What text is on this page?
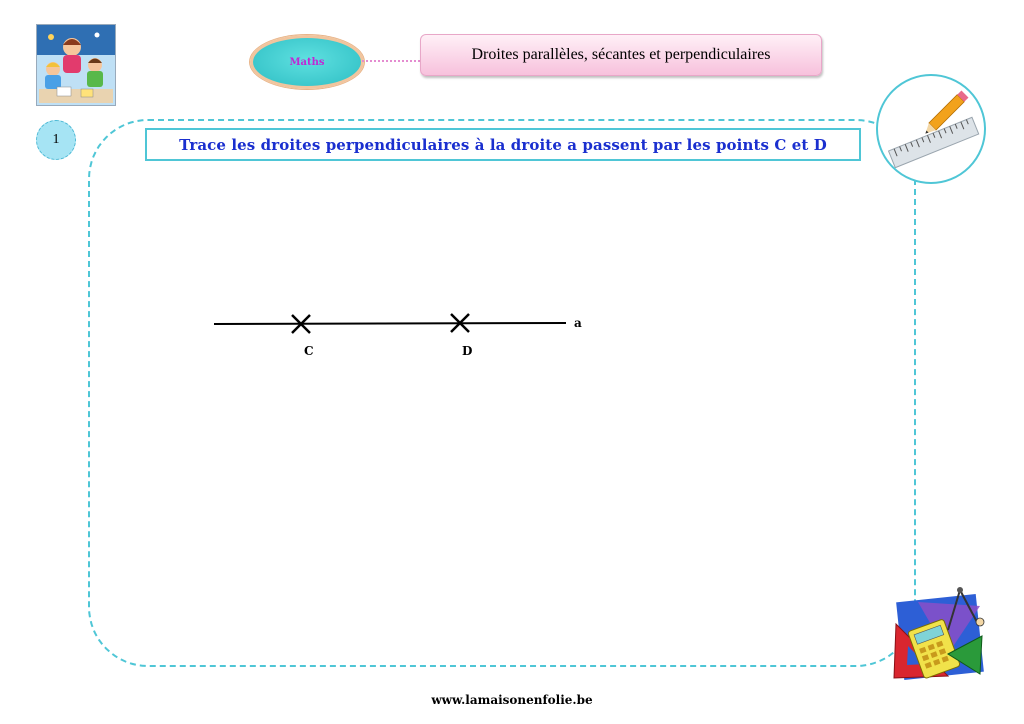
Maths	Droites parallèles, sécantes et perpendiculaires
1	Trace les droites perpendiculaires à la droite a passent par les points C et D
a
C	D
www.lamaisonenfolie.be
